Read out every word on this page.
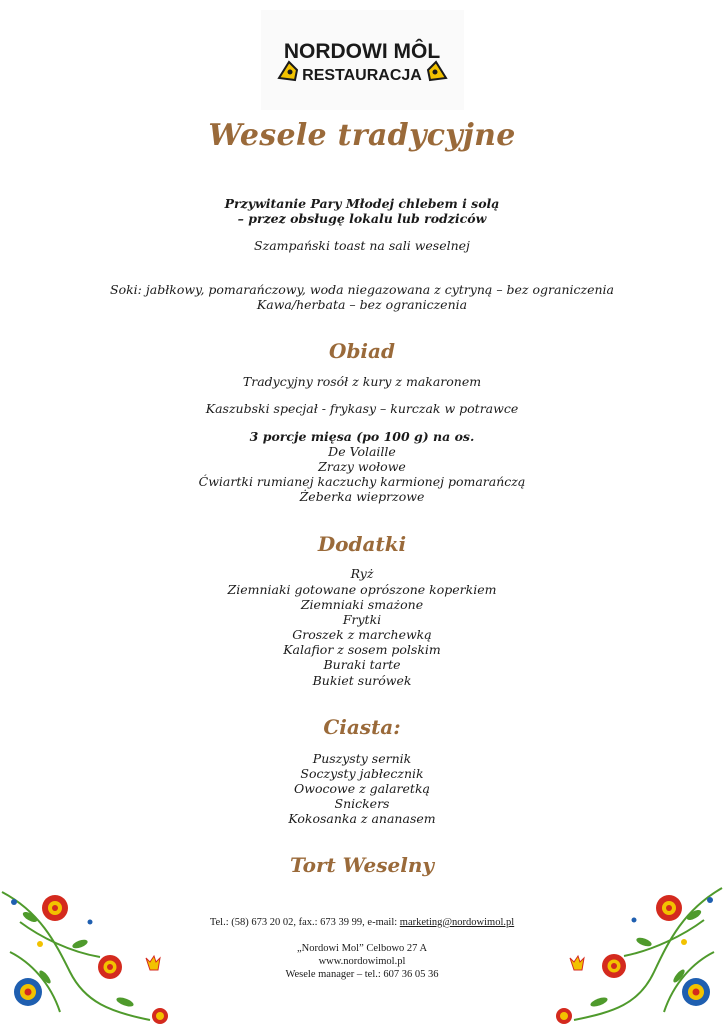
NORDOWI MÔL
RESTAURACJA
Wesele tradycyjne
Przywitanie Pary Młodej chlebem i solą
– przez obsługę lokalu lub rodziców
Szampański toast na sali weselnej
Soki: jabłkowy, pomarańczowy, woda niegazowana z cytryną – bez ograniczenia
Kawa/herbata – bez ograniczenia
Obiad
Tradycyjny rosół z kury z makaronem
Kaszubski specjał - frykasy – kurczak w potrawce
3 porcje mięsa (po 100 g) na os.
De Volaille
Zrazy wołowe
Ćwiartki rumianej kaczuchy karmionej pomarańczą
Żeberka wieprzowe
Dodatki
Ryż
Ziemniaki gotowane oprószone koperkiem
Ziemniaki smażone
Frytki
Groszek z marchewką
Kalafior z sosem polskim
Buraki tarte
Bukiet surówek
Ciasta:
Puszysty sernik
Soczysty jabłecznik
Owocowe z galaretką
Snickers
Kokosanka z ananasem
Tort Weselny
Tel.: (58) 673 20 02, fax.: 673 39 99, e-mail: marketing@nordowimol.pl
„Nordowi Mol” Celbowo 27 A
www.nordowimol.pl
Wesele manager – tel.: 607 36 05 36
